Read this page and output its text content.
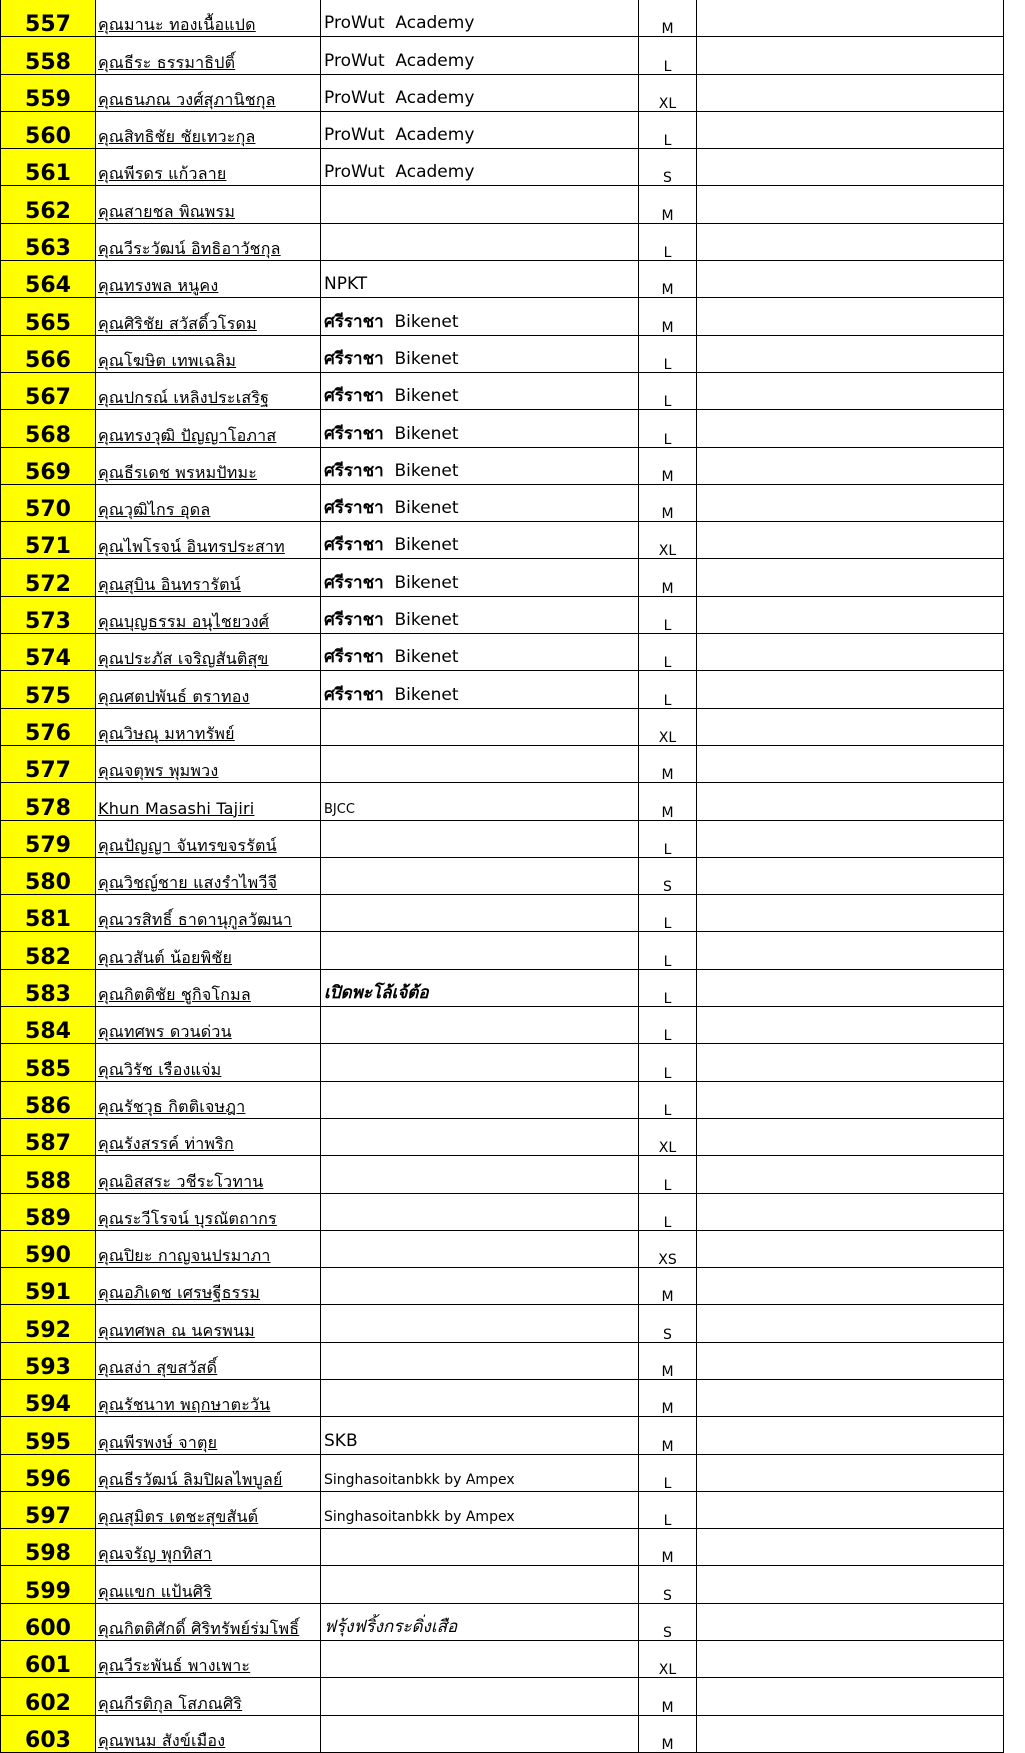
557	คุณมานะ ทองเนื้อแปด	ProWut  Academy	M	
558	คุณธีระ ธรรมาธิปติ์	ProWut  Academy	L	
559	คุณธนภณ วงศ์สุภานิชกุล	ProWut  Academy	XL	
560	คุณสิทธิชัย ชัยเทวะกุล	ProWut  Academy	L	
561	คุณพีรดร แก้วลาย	ProWut  Academy	S	
562	คุณสายชล พิณพรม		M	
563	คุณวีระวัฒน์ อิทธิอาวัชกุล		L	
564	คุณทรงพล หนูคง	NPKT	M	
565	คุณศิริชัย สวัสดิ์วโรดม	ศรีราชา Bikenet	M	
566	คุณโฆษิต เทพเฉลิม	ศรีราชา Bikenet	L	
567	คุณปกรณ์ เหลิงประเสริฐ	ศรีราชา Bikenet	L	
568	คุณทรงวุฒิ ปัญญาโอภาส	ศรีราชา Bikenet	L	
569	คุณธีรเดช พรหมปัทมะ	ศรีราชา Bikenet	M	
570	คุณวุฒิไกร อุดล	ศรีราชา Bikenet	M	
571	คุณไพโรจน์ อินทรประสาท	ศรีราชา Bikenet	XL	
572	คุณสุบิน อินทรารัตน์	ศรีราชา Bikenet	M	
573	คุณบุญธรรม อนุไชยวงศ์	ศรีราชา Bikenet	L	
574	คุณประภัส เจริญสันติสุข	ศรีราชา Bikenet	L	
575	คุณศตปพันธ์ ตราทอง	ศรีราชา Bikenet	L	
576	คุณวิษณุ มหาทรัพย์		XL	
577	คุณจตุพร พุมพวง		M	
578	Khun Masashi Tajiri	BJCC	M	
579	คุณปัญญา จันทรขจรรัตน์		L	
580	คุณวิชญ์ชาย แสงรำไพวีจี		S	
581	คุณวรสิทธิ์ ธาดานุกูลวัฒนา		L	
582	คุณวสันต์ น้อยพิชัย		L	
583	คุณกิตติชัย ชูกิจโกมล	เปิดพะโล้เจ้ต้อ	L	
584	คุณทศพร ดวนด่วน		L	
585	คุณวิรัช เรืองแจ่ม		L	
586	คุณรัชวุธ กิตติเจษฎา		L	
587	คุณรังสรรค์ ท่าพริก		XL	
588	คุณอิสสระ วชีระโวทาน		L	
589	คุณระวีโรจน์ บุรณัตถากร		L	
590	คุณปิยะ กาญจนปรมาภา		XS	
591	คุณอภิเดช เศรษฐีธรรม		M	
592	คุณทศพล ณ นครพนม		S	
593	คุณสง่า สุขสวัสดิ์		M	
594	คุณรัชนาท พฤกษาตะวัน		M	
595	คุณพีรพงษ์ จาตุย	SKB	M	
596	คุณธีรวัฒน์ ลิมปิผลไพบูลย์	Singhasoitanbkk by Ampex	L	
597	คุณสุมิตร เตชะสุขสันต์	Singhasoitanbkk by Ampex	L	
598	คุณจรัญ พุกทิสา		M	
599	คุณแขก แป้นศิริ		S	
600	คุณกิตติศักดิ์ ศิริทรัพย์ร่มโพธิ์	ฟรุ้งฟริ้งกระดิ่งเสือ	S	
601	คุณวีระพันธ์ พางเพาะ		XL	
602	คุณกีรติกุล โสภณศิริ		M	
603	คุณพนม สังข์เมือง		M	
